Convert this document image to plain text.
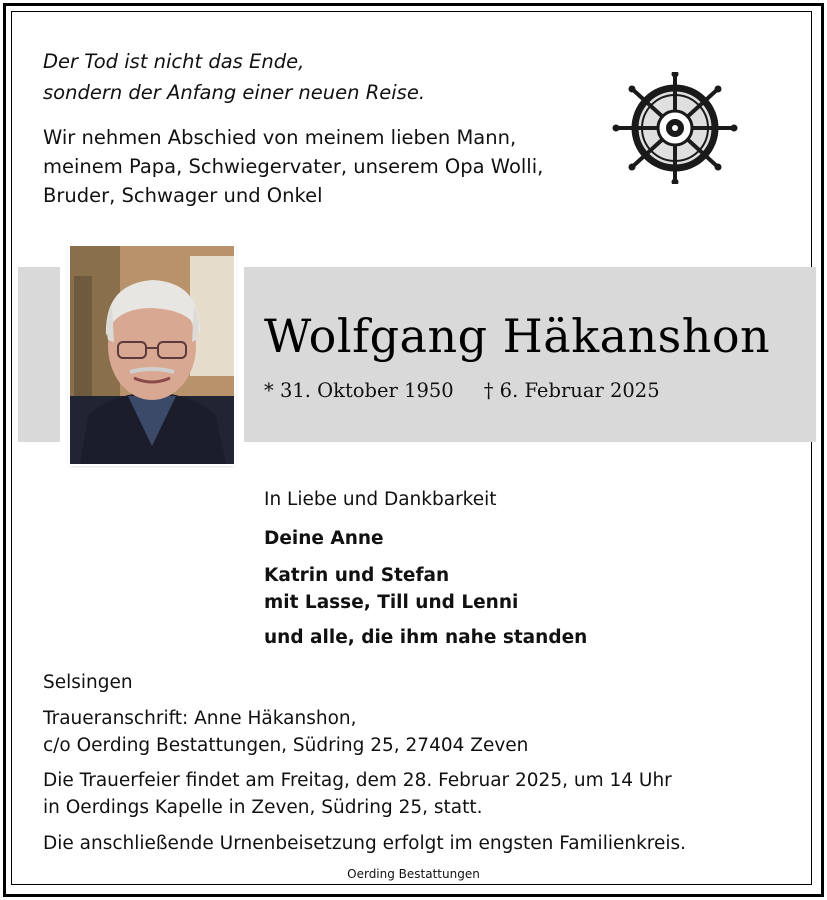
Der Tod ist nicht das Ende,
sondern der Anfang einer neuen Reise.
Wir nehmen Abschied von meinem lieben Mann,
meinem Papa, Schwiegervater, unserem Opa Wolli,
Bruder, Schwager und Onkel
Wolfgang Häkanshon
* 31. Oktober 1950 † 6. Februar 2025
In Liebe und Dankbarkeit
Deine Anne
Katrin und Stefan
mit Lasse, Till und Lenni
und alle, die ihm nahe standen
Selsingen
Traueranschrift: Anne Häkanshon,
c/o Oerding Bestattungen, Südring 25, 27404 Zeven
Die Trauerfeier findet am Freitag, dem 28. Februar 2025, um 14 Uhr
in Oerdings Kapelle in Zeven, Südring 25, statt.
Die anschließende Urnenbeisetzung erfolgt im engsten Familienkreis.
Oerding Bestattungen
